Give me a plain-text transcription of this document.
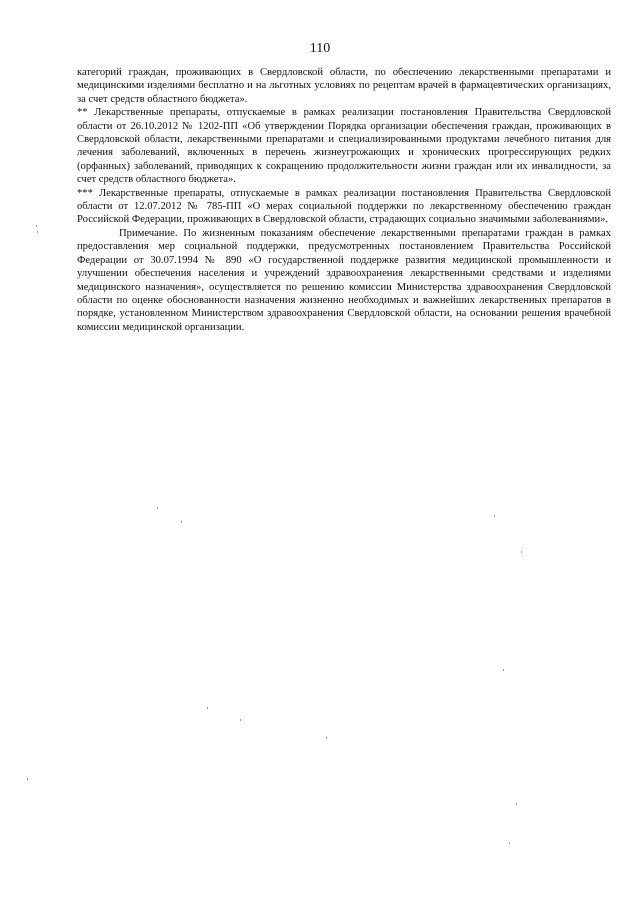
110

категорий граждан, проживающих в Свердловской области, по обеспечению лекарственными препаратами и медицинскими изделиями бесплатно и на льготных условиях по рецептам врачей в фармацевтических организациях, за счет средств областного бюджета».

** Лекарственные препараты, отпускаемые в рамках реализации постановления Правительства Свердловской области от 26.10.2012 № 1202-ПП «Об утверждении Порядка организации обеспечения граждан, проживающих в Свердловской области, лекарственными препаратами и специализированными продуктами лечебного питания для лечения заболеваний, включенных в перечень жизнеугрожающих и хронических прогрессирующих редких (орфанных) заболеваний, приводящих к сокращению продолжительности жизни граждан или их инвалидности, за счет средств областного бюджета».

*** Лекарственные препараты, отпускаемые в рамках реализации постановления Правительства Свердловской области от 12.07.2012 № 785-ПП «О мерах социальной поддержки по лекарственному обеспечению граждан Российской Федерации, проживающих в Свердловской области, страдающих социально значимыми заболеваниями».

Примечание. По жизненным показаниям обеспечение лекарственными препаратами граждан в рамках предоставления мер социальной поддержки, предусмотренных постановлением Правительства Российской Федерации от 30.07.1994 № 890 «О государственной поддержке развития медицинской промышленности и улучшении обеспечения населения и учреждений здравоохранения лекарственными средствами и изделиями медицинского назначения», осуществляется по решению комиссии Министерства здравоохранения Свердловской области по оценке обоснованности назначения жизненно необходимых и важнейших лекарственных препаратов в порядке, установленном Министерством здравоохранения Свердловской области, на основании решения врачебной комиссии медицинской организации.
